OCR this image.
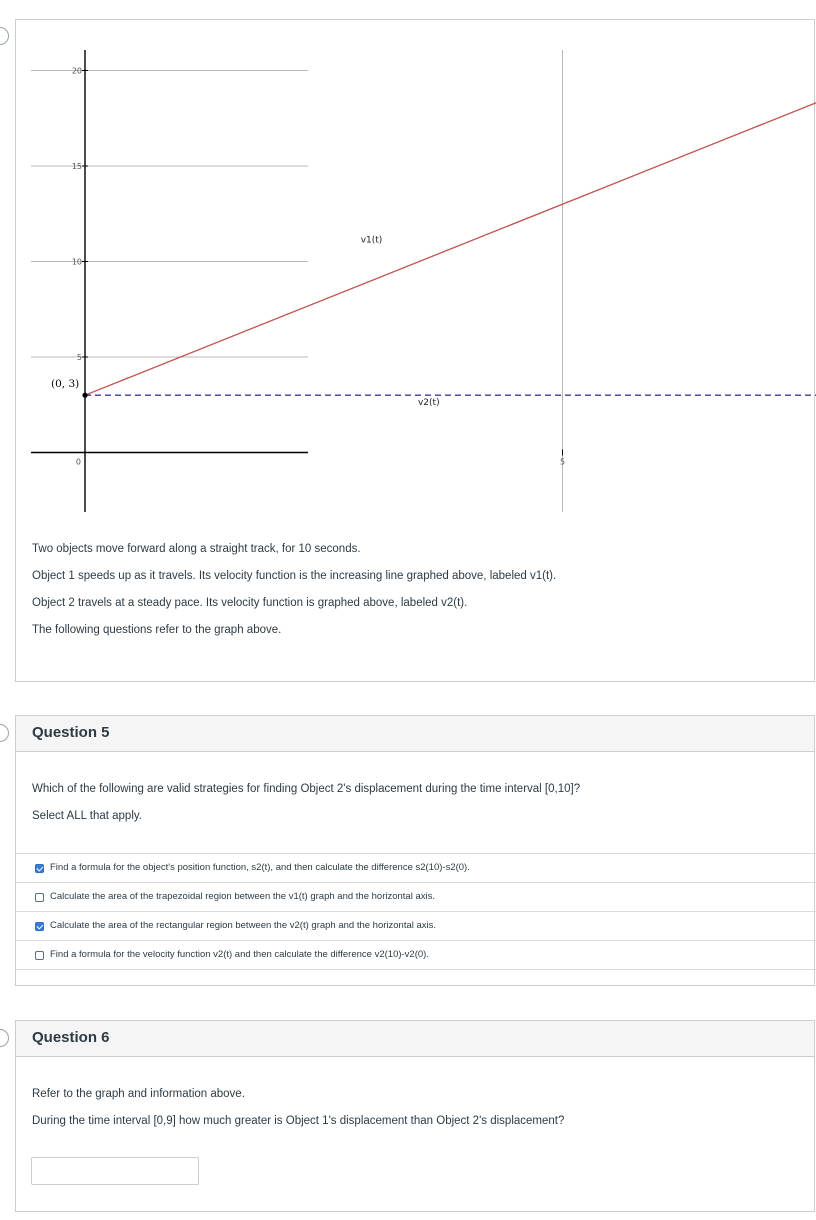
0	5
5
10
15
20
(0, 3)
v1(t)
v2(t)
Two objects move forward along a straight track, for 10 seconds.
Object 1 speeds up as it travels. Its velocity function is the increasing line graphed above, labeled v1(t).
Object 2 travels at a steady pace. Its velocity function is graphed above, labeled v2(t).
The following questions refer to the graph above.
Question 5
Which of the following are valid strategies for finding Object 2's displacement during the time interval [0,10]?
Select ALL that apply.
Find a formula for the object's position function, s2(t), and then calculate the difference s2(10)-s2(0).
Calculate the area of the trapezoidal region between the v1(t) graph and the horizontal axis.
Calculate the area of the rectangular region between the v2(t) graph and the horizontal axis.
Find a formula for the velocity function v2(t) and then calculate the difference v2(10)-v2(0).
Question 6
Refer to the graph and information above.
During the time interval [0,9] how much greater is Object 1's displacement than Object 2's displacement?
